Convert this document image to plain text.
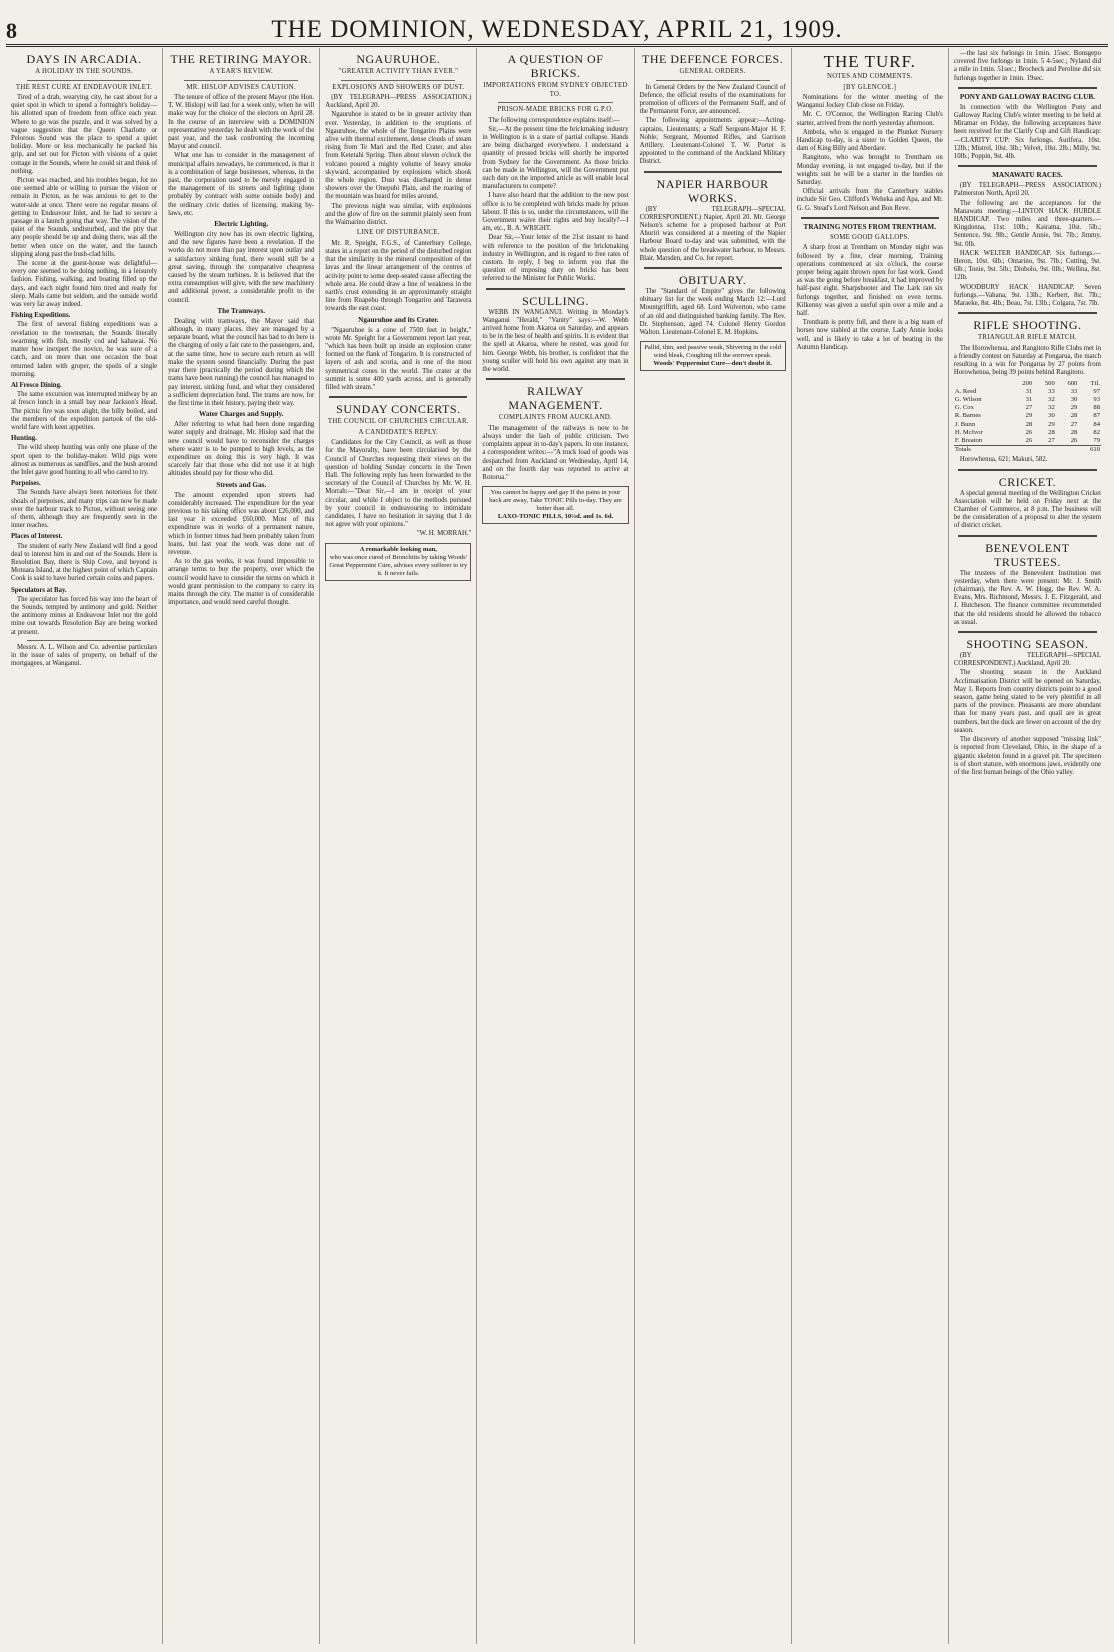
8	THE DOMINION, WEDNESDAY, APRIL 21, 1909.
DAYS IN ARCADIA.
A HOLIDAY IN THE SOUNDS.
THE REST CURE AT ENDEAVOUR INLET.

Tired of a drab, wearying city, he cast about for a quiet spot in which to spend a fortnight's holiday—his allotted span of freedom from office each year. Where to go was the puzzle, and it was solved by a vague suggestion that the Queen Charlotte or Pelorous Sound was the place to spend a quiet holiday. More or less mechanically he packed his grip, and set out for Picton with visions of a quiet cottage in the Sounds, where he could sit and think of nothing.

Picton was reached, and his troubles began, for no one seemed able or willing to pursue the vision or remain in Picton, as he was anxious to get to the water-side at once. There were no regular means of getting to Endeavour Inlet, and he had to secure a passage in a launch going that way. The vision of the quiet of the Sounds, undisturbed, and the pity that any people should be up and doing there, was all the better when once on the water, and the launch slipping along past the bush-clad hills.

The scene at the guest-house was delightful—every one seemed to be doing nothing, in a leisurely fashion. Fishing, walking, and boating filled up the days, and each night found him tired and ready for sleep. Mails came but seldom, and the outside world was very far away indeed.

Fishing Expeditions.

The first of several fishing expeditions was a revelation to the townsman, the Sounds literally swarming with fish, mostly cod and kahawai. No matter how inexpert the novice, he was sure of a catch, and on more than one occasion the boat returned laden with groper, the spoils of a single morning.

Al Fresco Dining.

The same excursion was interrupted midway by an al fresco lunch in a small bay near Jackson's Head. The picnic fire was soon alight, the billy boiled, and the members of the expedition partook of the old-world fare with keen appetites.

Hunting.

The wild sheep hunting was only one phase of the sport open to the holiday-maker. Wild pigs were almost as numerous as sandflies, and the bush around the Inlet gave good hunting to all who cared to try.

Porpoises.

The Sounds have always been notorious for their shoals of porpoises, and many trips can now be made over the harbour track to Picton, without seeing one of them, although they are frequently seen in the inner reaches.

Places of Interest.

The student of early New Zealand will find a good deal to interest him in and out of the Sounds. Here is Resolution Bay, there is Ship Cove, and beyond is Motuara Island, at the highest point of which Captain Cook is said to have buried certain coins and papers.

Speculators at Bay.

The speculator has forced his way into the heart of the Sounds, tempted by antimony and gold. Neither the antimony mines at Endeavour Inlet nor the gold mine out towards Resolution Bay are being worked at present.

Messrs. A. L. Wilson and Co. advertise particulars in the issue of sales of property, on behalf of the mortgagees, at Wanganui.

THE RETIRING MAYOR.
A YEAR'S REVIEW.
MR. HISLOP ADVISES CAUTION.

The tenure of office of the present Mayor (the Hon. T. W. Hislop) will last for a week only, when he will make way for the choice of the electors on April 28. In the course of an interview with a DOMINION representative yesterday he dealt with the work of the past year, and the task confronting the incoming Mayor and council.

What one has to consider in the management of municipal affairs nowadays, he commenced, is that it is a combination of large businesses, whereas, in the past, the corporation used to be merely engaged in the management of its streets and lighting (done probably by contract with some outside body) and the ordinary civic duties of licensing, making by-laws, etc.

Electric Lighting.

Wellington city now has its own electric lighting, and the new figures have been a revelation. If the works do not more than pay interest upon outlay and a satisfactory sinking fund, there would still be a great saving, through the comparative cheapness caused by the steam turbines. It is believed that the extra consumption will give, with the new machinery and additional power, a considerable profit to the council.

The Tramways.

Dealing with tramways, the Mayor said that although, in many places, they are managed by a separate board, what the council has had to do here is the charging of only a fair rate to the passengers, and, at the same time, how to secure such return as will make the system sound financially. During the past year there (practically the period during which the trams have been running) the council has managed to pay interest, sinking fund, and what they considered a sufficient depreciation fund. The trams are now, for the first time in their history, paying their way.

Water Charges and Supply.

After referring to what had been done regarding water supply and drainage, Mr. Hislop said that the new council would have to reconsider the charges where water is to be pumped to high levels, as the expenditure on doing this is very high. It was scarcely fair that those who did not use it at high altitudes should pay for those who did.

Streets and Gas.

The amount expended upon streets had considerably increased. The expenditure for the year previous to his taking office was about £26,000, and last year it exceeded £60,000. Most of this expenditure was in works of a permanent nature, which in former times had been probably taken from loans, but last year the work was done out of revenue.

As to the gas works, it was found impossible to arrange terms to buy the property, over which the council would have to consider the terms on which it would grant permission to the company to carry its mains through the city. The matter is of considerable importance, and would need careful thought.

NGAURUHOE.
"GREATER ACTIVITY THAN EVER."
EXPLOSIONS AND SHOWERS OF DUST.

(BY TELEGRAPH—PRESS ASSOCIATION.) Auckland, April 20.

Ngauruhoe is stated to be in greater activity than ever. Yesterday, in addition to the eruptions of Ngauruhoe, the whole of the Tongariro Plains were alive with thermal excitement, dense clouds of steam rising from Te Mari and the Red Crater, and also from Ketetahi Spring. Then about eleven o'clock the volcano poured a mighty volume of heavy smoke skyward, accompanied by explosions which shook the whole region. Dust was discharged in dense showers over the Onepuhi Plain, and the roaring of the mountain was heard for miles around.

The previous night was similar, with explosions and the glow of fire on the summit plainly seen from the Waimarino district.

LINE OF DISTURBANCE.

Mr. R. Speight, F.G.S., of Canterbury College, states in a report on the period of the disturbed region that the similarity in the mineral composition of the lavas and the linear arrangement of the centres of activity point to some deep-seated cause affecting the whole area. He could draw a line of weakness in the earth's crust extending in an approximately straight line from Ruapehu through Tongariro and Tarawera towards the east coast.

Ngauruhoe and its Crater.

"Ngauruhoe is a cone of 7500 feet in height," wrote Mr. Speight for a Government report last year, "which has been built up inside an explosion crater formed on the flank of Tongariro. It is constructed of layers of ash and scoria, and is one of the most symmetrical cones in the world. The crater at the summit is some 400 yards across, and is generally filled with steam."

SUNDAY CONCERTS.
THE COUNCIL OF CHURCHES CIRCULAR.
A CANDIDATE'S REPLY.

Candidates for the City Council, as well as those for the Mayoralty, have been circularised by the Council of Churches requesting their views on the question of holding Sunday concerts in the Town Hall. The following reply has been forwarded to the secretary of the Council of Churches by Mr. W. H. Morrah:—"Dear Sir,—I am in receipt of your circular, and while I object to the methods pursued by your council in endeavouring to intimidate candidates, I have no hesitation in saying that I do not agree with your opinions."

"W. H. MORRAH."

A remarkable looking man,
who was once cured of Bronchitis by taking Woods' Great Peppermint Cure, advises every sufferer to try it. It never fails.
A QUESTION OF BRICKS.
IMPORTATIONS FROM SYDNEY OBJECTED TO.
PRISON-MADE BRICKS FOR G.P.O.

The following correspondence explains itself:—

Sir,—At the present time the brickmaking industry in Wellington is in a state of partial collapse. Hands are being discharged everywhere. I understand a quantity of pressed bricks will shortly be imported from Sydney for the Government. As those bricks can be made in Wellington, will the Government put such duty on the imported article as will enable local manufacturers to compete?

I have also heard that the addition to the new post office is to be completed with bricks made by prison labour. If this is so, under the circumstances, will the Government waive their rights and buy locally?—I am, etc., B. A. WRIGHT.

Dear Sir,—Your letter of the 21st instant to hand with reference to the position of the brickmaking industry in Wellington, and in regard to free rates of custom. In reply, I beg to inform you that the question of imposing duty on bricks has been referred to the Minister for Public Works.

SCULLING.

WEBB IN WANGANUI. Writing in Monday's Wanganui "Herald," "Vanity" says:—W. Webb arrived home from Akaroa on Saturday, and appears to be in the best of health and spirits. It is evident that the spell at Akaroa, where he rested, was good for him. George Webb, his brother, is confident that the young sculler will hold his own against any man in the world.

RAILWAY MANAGEMENT.
COMPLAINTS FROM AUCKLAND.

The management of the railways is now to be always under the lash of public criticism. Two complaints appear in to-day's papers. In one instance, a correspondent writes:—"A truck load of goods was despatched from Auckland on Wednesday, April 14, and on the fourth day was reported to arrive at Rotorua."

You cannot be happy and gay If the pains in your back are away, Take TONIC Pills to-day. They are better than all.
LAXO-TONIC PILLS, 10½d. and 1s. 6d.
THE DEFENCE FORCES.
GENERAL ORDERS.

In General Orders by the New Zealand Council of Defence, the official results of the examinations for promotion of officers of the Permanent Staff, and of the Permanent Force, are announced.

The following appointments appear:—Acting-captains, Lieutenants; a Staff Sergeant-Major H. F. Noble; Sergeant, Mounted Rifles, and Garrison Artillery. Lieutenant-Colonel T. W. Porter is appointed to the command of the Auckland Military District.

NAPIER HARBOUR WORKS.

(BY TELEGRAPH—SPECIAL CORRESPONDENT.) Napier, April 20. Mr. George Nelson's scheme for a proposed harbour at Port Ahuriri was considered at a meeting of the Napier Harbour Board to-day and was submitted, with the whole question of the breakwater harbour, to Messrs. Blair, Marsden, and Co. for report.

OBITUARY.

The "Standard of Empire" gives the following obituary list for the week ending March 12:—Lord Mountgriffith, aged 68. Lord Wolverton, who came of an old and distinguished banking family. The Rev. Dr. Stephenson, aged 74. Colonel Henry Gordon Walton. Lieutenant-Colonel E. M. Hopkins.

Pallid, thin, and passive weak, Shivering in the cold wind bleak, Coughing till the sorrows speak.
Woods' Peppermint Cure—don't doubt it.
THE TURF.
NOTES AND COMMENTS.
[BY GLENCOE.]

Nominations for the winter meeting of the Wanganui Jockey Club close on Friday.

Mr. C. O'Connor, the Wellington Racing Club's starter, arrived from the north yesterday afternoon.

Ambola, who is engaged in the Plunket Nursery Handicap to-day, is a sister to Golden Queen, the dam of King Billy and Aberdare.

Rangitoto, who was brought to Trentham on Monday evening, is not engaged to-day, but if the weights suit he will be a starter in the hurdles on Saturday.

Official arrivals from the Canterbury stables include Sir Geo. Clifford's Weheka and Apa, and Mr. G. G. Stead's Lord Nelson and Bon Reve.

TRAINING NOTES FROM TRENTHAM.
SOME GOOD GALLOPS.

A sharp frost at Trentham on Monday night was followed by a fine, clear morning. Training operations commenced at six o'clock, the course proper being again thrown open for fast work. Good as was the going before breakfast, it had improved by half-past eight. Sharpshooter and The Lark ran six furlongs together, and finished on even terms. Kilkenny was given a useful spin over a mile and a half.

Trentham is pretty full, and there is a big team of horses now stabled at the course. Lady Annie looks well, and is likely to take a lot of beating in the Autumn Handicap.

—the last six furlongs in 1min. 15sec. Bonsgepo covered five furlongs in 1min. 5 4-5sec.; Nyland did a mile in 1min. 51sec.; Brocheck and Peroline did six furlongs together in 1min. 19sec.

PONY AND GALLOWAY RACING CLUB.

In connection with the Wellington Pony and Galloway Racing Club's winter meeting to be held at Miramar on Friday, the following acceptances have been received for the Clarify Cup and Gift Handicap:—CLARITY CUP: Six furlongs. Aurifera, 10st. 12lb.; Mistrel, 10st. 3lb.; Velvet, 10st. 2lb.; Milly, 9st. 10lb.; Poppin, 9st. 4lb.

MANAWATU RACES.

(BY TELEGRAPH—PRESS ASSOCIATION.) Palmerston North, April 20.

The following are the acceptances for the Manawatu meeting:—LINTON HACK HURDLE HANDICAP. Two miles and three-quarters.—Kingdonna, 11st. 10lb.; Kairama, 10st. 5lb.; Sentence, 9st. 9lb.; Gentle Annie, 9st. 7lb.; Jimmy, 9st. 0lb.

HACK WELTER HANDICAP. Six furlongs.—Heron, 10st. 6lb.; Ontarino, 9st. 7lb.; Cutting, 9st. 6lb.; Tonie, 9st. 5lb.; Diobolo, 9st. 0lb.; Wellina, 8st. 12lb.

WOODBURY HACK HANDICAP. Seven furlongs.—Vahana, 9st. 13lb.; Kerbert, 8st. 7lb.; Maraeke, 8st. 4lb.; Beau, 7st. 13lb.; Colgara, 7st. 7lb.

RIFLE SHOOTING.
TRIANGULAR RIFLE MATCH.

The Horowhenua, and Rangitoto Rifle Clubs met in a friendly contest on Saturday at Pongarua, the match resulting in a win for Pongarua by 27 points from Horowhenua, being 39 points behind Rangitoto.

	200	500	600	Ttl.
A. Reed	31	33	33	97
G. Wilson	31	32	30	93
G. Cox	27	32	29	88
R. Barnes	29	30	28	87
J. Bunn	28	29	27	84
H. McIvor	26	28	28	82
F. Breaton	26	27	26	79
Totals				610

Horowhenua, 621; Makuri, 582.

CRICKET.

A special general meeting of the Wellington Cricket Association will be held on Friday next at the Chamber of Commerce, at 8 p.m. The business will be the consideration of a proposal to alter the system of district cricket.

BENEVOLENT TRUSTEES.

The trustees of the Benevolent Institution met yesterday, when there were present: Mr. J. Smith (chairman), the Rev. A. W. Hogg, the Rev. W. A. Evans, Mrs. Richmond, Messrs. J. E. Fitzgerald, and J. Hutcheson. The finance committee recommended that the old residents should be allowed the tobacco as usual.

SHOOTING SEASON.

(BY TELEGRAPH—SPECIAL CORRESPONDENT.) Auckland, April 20.

The shooting season in the Auckland Acclimatisation District will be opened on Saturday, May 1. Reports from country districts point to a good season, game being stated to be very plentiful in all parts of the province. Pheasants are more abundant than for many years past, and quail are in great numbers, but the duck are fewer on account of the dry season.

The discovery of another supposed "missing link" is reported from Cleveland, Ohio, in the shape of a gigantic skeleton found in a gravel pit. The specimen is of short stature, with enormous jaws, evidently one of the first human beings of the Ohio valley.
